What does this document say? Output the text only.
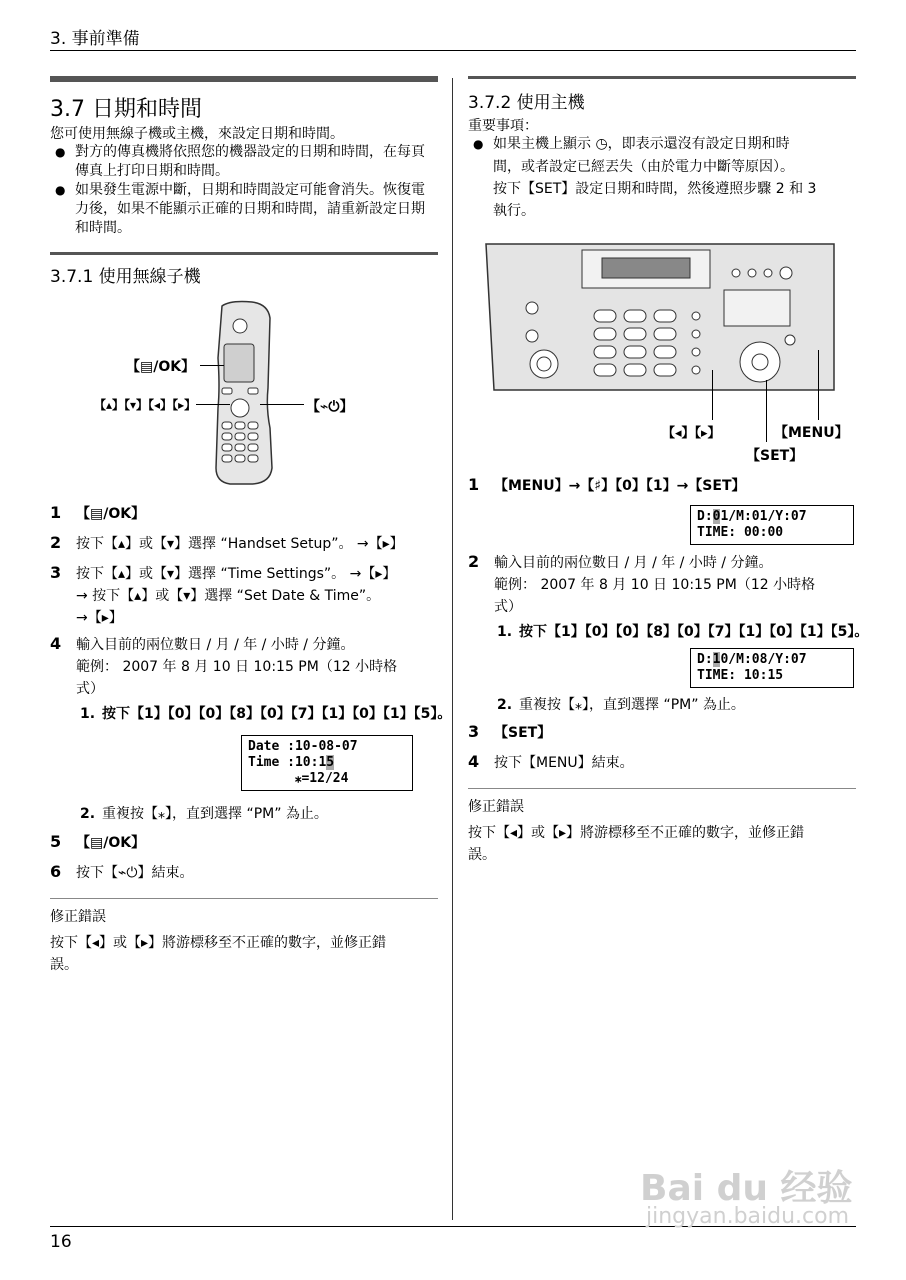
3. 事前準備
3.7 日期和時間
您可使用無線子機或主機，來設定日期和時間。
● 對方的傳真機將依照您的機器設定的日期和時間，在每頁傳真上打印日期和時間。
● 如果發生電源中斷，日期和時間設定可能會消失。恢復電力後，如果不能顯示正確的日期和時間，請重新設定日期和時間。
3.7.1 使用無線子機
【▤/OK】
【▴】【▾】【◂】【▸】	【⌁⏻】
1 【▤/OK】
2 按下【▴】或【▾】選擇 “Handset Setup”。 →【▸】
3 按下【▴】或【▾】選擇 “Time Settings”。 →【▸】
→ 按下【▴】或【▾】選擇 “Set Date & Time”。
→【▸】
4 輸入目前的兩位數日 / 月 / 年 / 小時 / 分鐘。
範例： 2007 年 8 月 10 日 10:15 PM（12 小時格
式）
1. 按下【1】【0】【0】【8】【0】【7】【1】【0】【1】【5】。
Date :10-08-07
Time :10:15
⁎=12/24
2. 重複按【⁎】，直到選擇 “PM” 為止。
5 【▤/OK】
6 按下【⌁⏻】結束。
修正錯誤
按下【◂】或【▸】將游標移至不正確的數字，並修正錯
誤。
3.7.2 使用主機
重要事項：
● 如果主機上顯示 ◷，即表示還沒有設定日期和時
間，或者設定已經丟失（由於電力中斷等原因）。
按下【SET】設定日期和時間，然後遵照步驟 2 和 3
執行。
【◂】【▸】	【MENU】
【SET】
1 【MENU】→【♯】【0】【1】→【SET】
D:01/M:01/Y:07
TIME: 00:00
2 輸入目前的兩位數日 / 月 / 年 / 小時 / 分鐘。
範例： 2007 年 8 月 10 日 10:15 PM（12 小時格
式）
1. 按下【1】【0】【0】【8】【0】【7】【1】【0】【1】【5】。
D:10/M:08/Y:07
TIME: 10:15
2. 重複按【⁎】，直到選擇 “PM” 為止。
3 【SET】
4 按下【MENU】結束。
修正錯誤
按下【◂】或【▸】將游標移至不正確的數字，並修正錯
誤。
16
Bai du 经验
jingyan.baidu.com
